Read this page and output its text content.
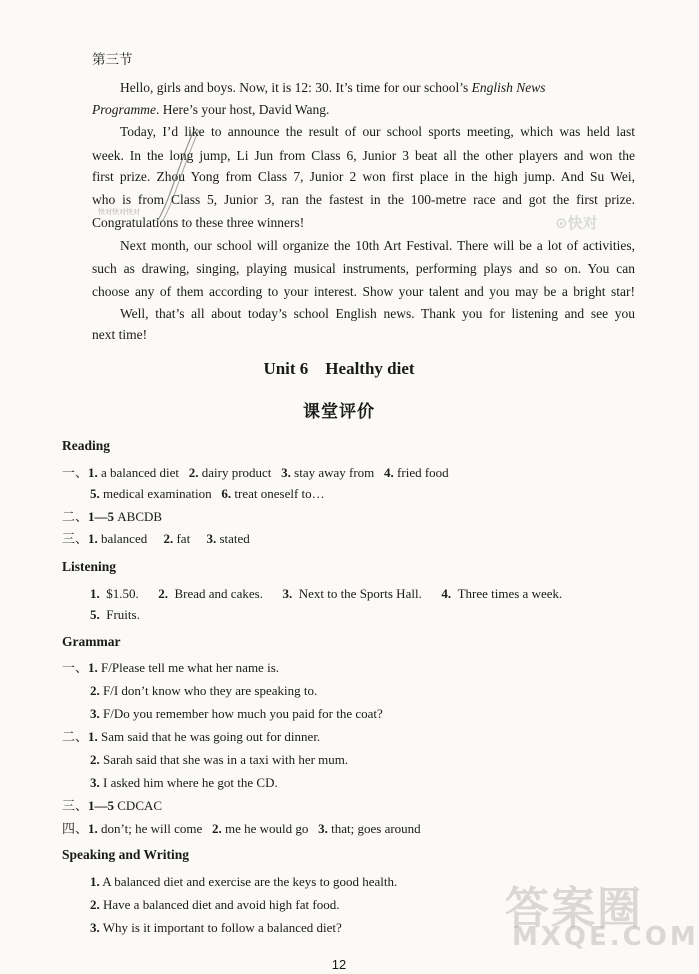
第三节
Hello, girls and boys. Now, it is 12: 30. It’s time for our school’s English News
Programme. Here’s your host, David Wang.
Today, I’d like to announce the result of our school sports meeting, which was held last
week. In the long jump, Li Jun from Class 6, Junior 3 beat all the other players and won the
first prize. Zhou Yong from Class 7, Junior 2 won first place in the high jump. And Su Wei,
who is from Class 5, Junior 3, ran the fastest in the 100-metre race and got the first prize.
Congratulations to these three winners!
Next month, our school will organize the 10th Art Festival. There will be a lot of activities,
such as drawing, singing, playing musical instruments, performing plays and so on. You can
choose any of them according to your interest. Show your talent and you may be a bright star!
Well, that’s all about today’s school English news. Thank you for listening and see you
next time!
Unit 6    Healthy diet
课堂评价
Reading
一、1. a balanced diet 2. dairy product 3. stay away from 4. fried food
5. medical examination 6. treat oneself to…
二、1—5 ABCDB
三、1. balanced 2. fat 3. stated
Listening
1. $1.50. 2. Bread and cakes. 3. Next to the Sports Hall. 4. Three times a week.
5. Fruits.
Grammar
一、1. F/Please tell me what her name is.
2. F/I don’t know who they are speaking to.
3. F/Do you remember how much you paid for the coat?
二、1. Sam said that he was going out for dinner.
2. Sarah said that she was in a taxi with her mum.
3. I asked him where he got the CD.
三、1—5 CDCAC
四、1. don’t; he will come 2. me he would go 3. that; goes around
Speaking and Writing
1. A balanced diet and exercise are the keys to good health.
2. Have a balanced diet and avoid high fat food.
3. Why is it important to follow a balanced diet?
12
快对快对快对
⊙快对
答案圈
MXQE.COM
